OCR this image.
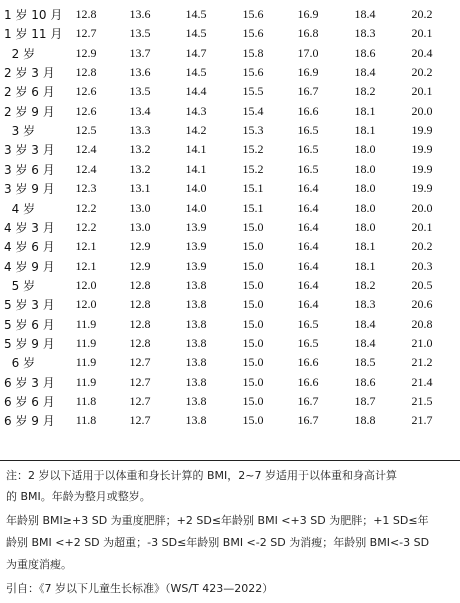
1 岁 10 月	12.8	13.6	14.5	15.6	16.9	18.4	20.2
1 岁 11 月	12.7	13.5	14.5	15.6	16.8	18.3	20.1
2 岁	12.9	13.7	14.7	15.8	17.0	18.6	20.4
2 岁 3 月	12.8	13.6	14.5	15.6	16.9	18.4	20.2
2 岁 6 月	12.6	13.5	14.4	15.5	16.7	18.2	20.1
2 岁 9 月	12.6	13.4	14.3	15.4	16.6	18.1	20.0
3 岁	12.5	13.3	14.2	15.3	16.5	18.1	19.9
3 岁 3 月	12.4	13.2	14.1	15.2	16.5	18.0	19.9
3 岁 6 月	12.4	13.2	14.1	15.2	16.5	18.0	19.9
3 岁 9 月	12.3	13.1	14.0	15.1	16.4	18.0	19.9
4 岁	12.2	13.0	14.0	15.1	16.4	18.0	20.0
4 岁 3 月	12.2	13.0	13.9	15.0	16.4	18.0	20.1
4 岁 6 月	12.1	12.9	13.9	15.0	16.4	18.1	20.2
4 岁 9 月	12.1	12.9	13.9	15.0	16.4	18.1	20.3
5 岁	12.0	12.8	13.8	15.0	16.4	18.2	20.5
5 岁 3 月	12.0	12.8	13.8	15.0	16.4	18.3	20.6
5 岁 6 月	11.9	12.8	13.8	15.0	16.5	18.4	20.8
5 岁 9 月	11.9	12.8	13.8	15.0	16.5	18.4	21.0
6 岁	11.9	12.7	13.8	15.0	16.6	18.5	21.2
6 岁 3 月	11.9	12.7	13.8	15.0	16.6	18.6	21.4
6 岁 6 月	11.8	12.7	13.8	15.0	16.7	18.7	21.5
6 岁 9 月	11.8	12.7	13.8	15.0	16.7	18.8	21.7
注：2 岁以下适用于以体重和身长计算的 BMI，2~7 岁适用于以体重和身高计算
的 BMI。年龄为整月或整岁。
年龄别 BMI≥+3 SD 为重度肥胖；+2 SD≤年龄别 BMI <+3 SD 为肥胖；+1 SD≤年
龄别 BMI <+2 SD 为超重；-3 SD≤年龄别 BMI <-2 SD 为消瘦；年龄别 BMI<-3 SD
为重度消瘦。
引自：《7 岁以下儿童生长标准》（WS/T 423—2022）
